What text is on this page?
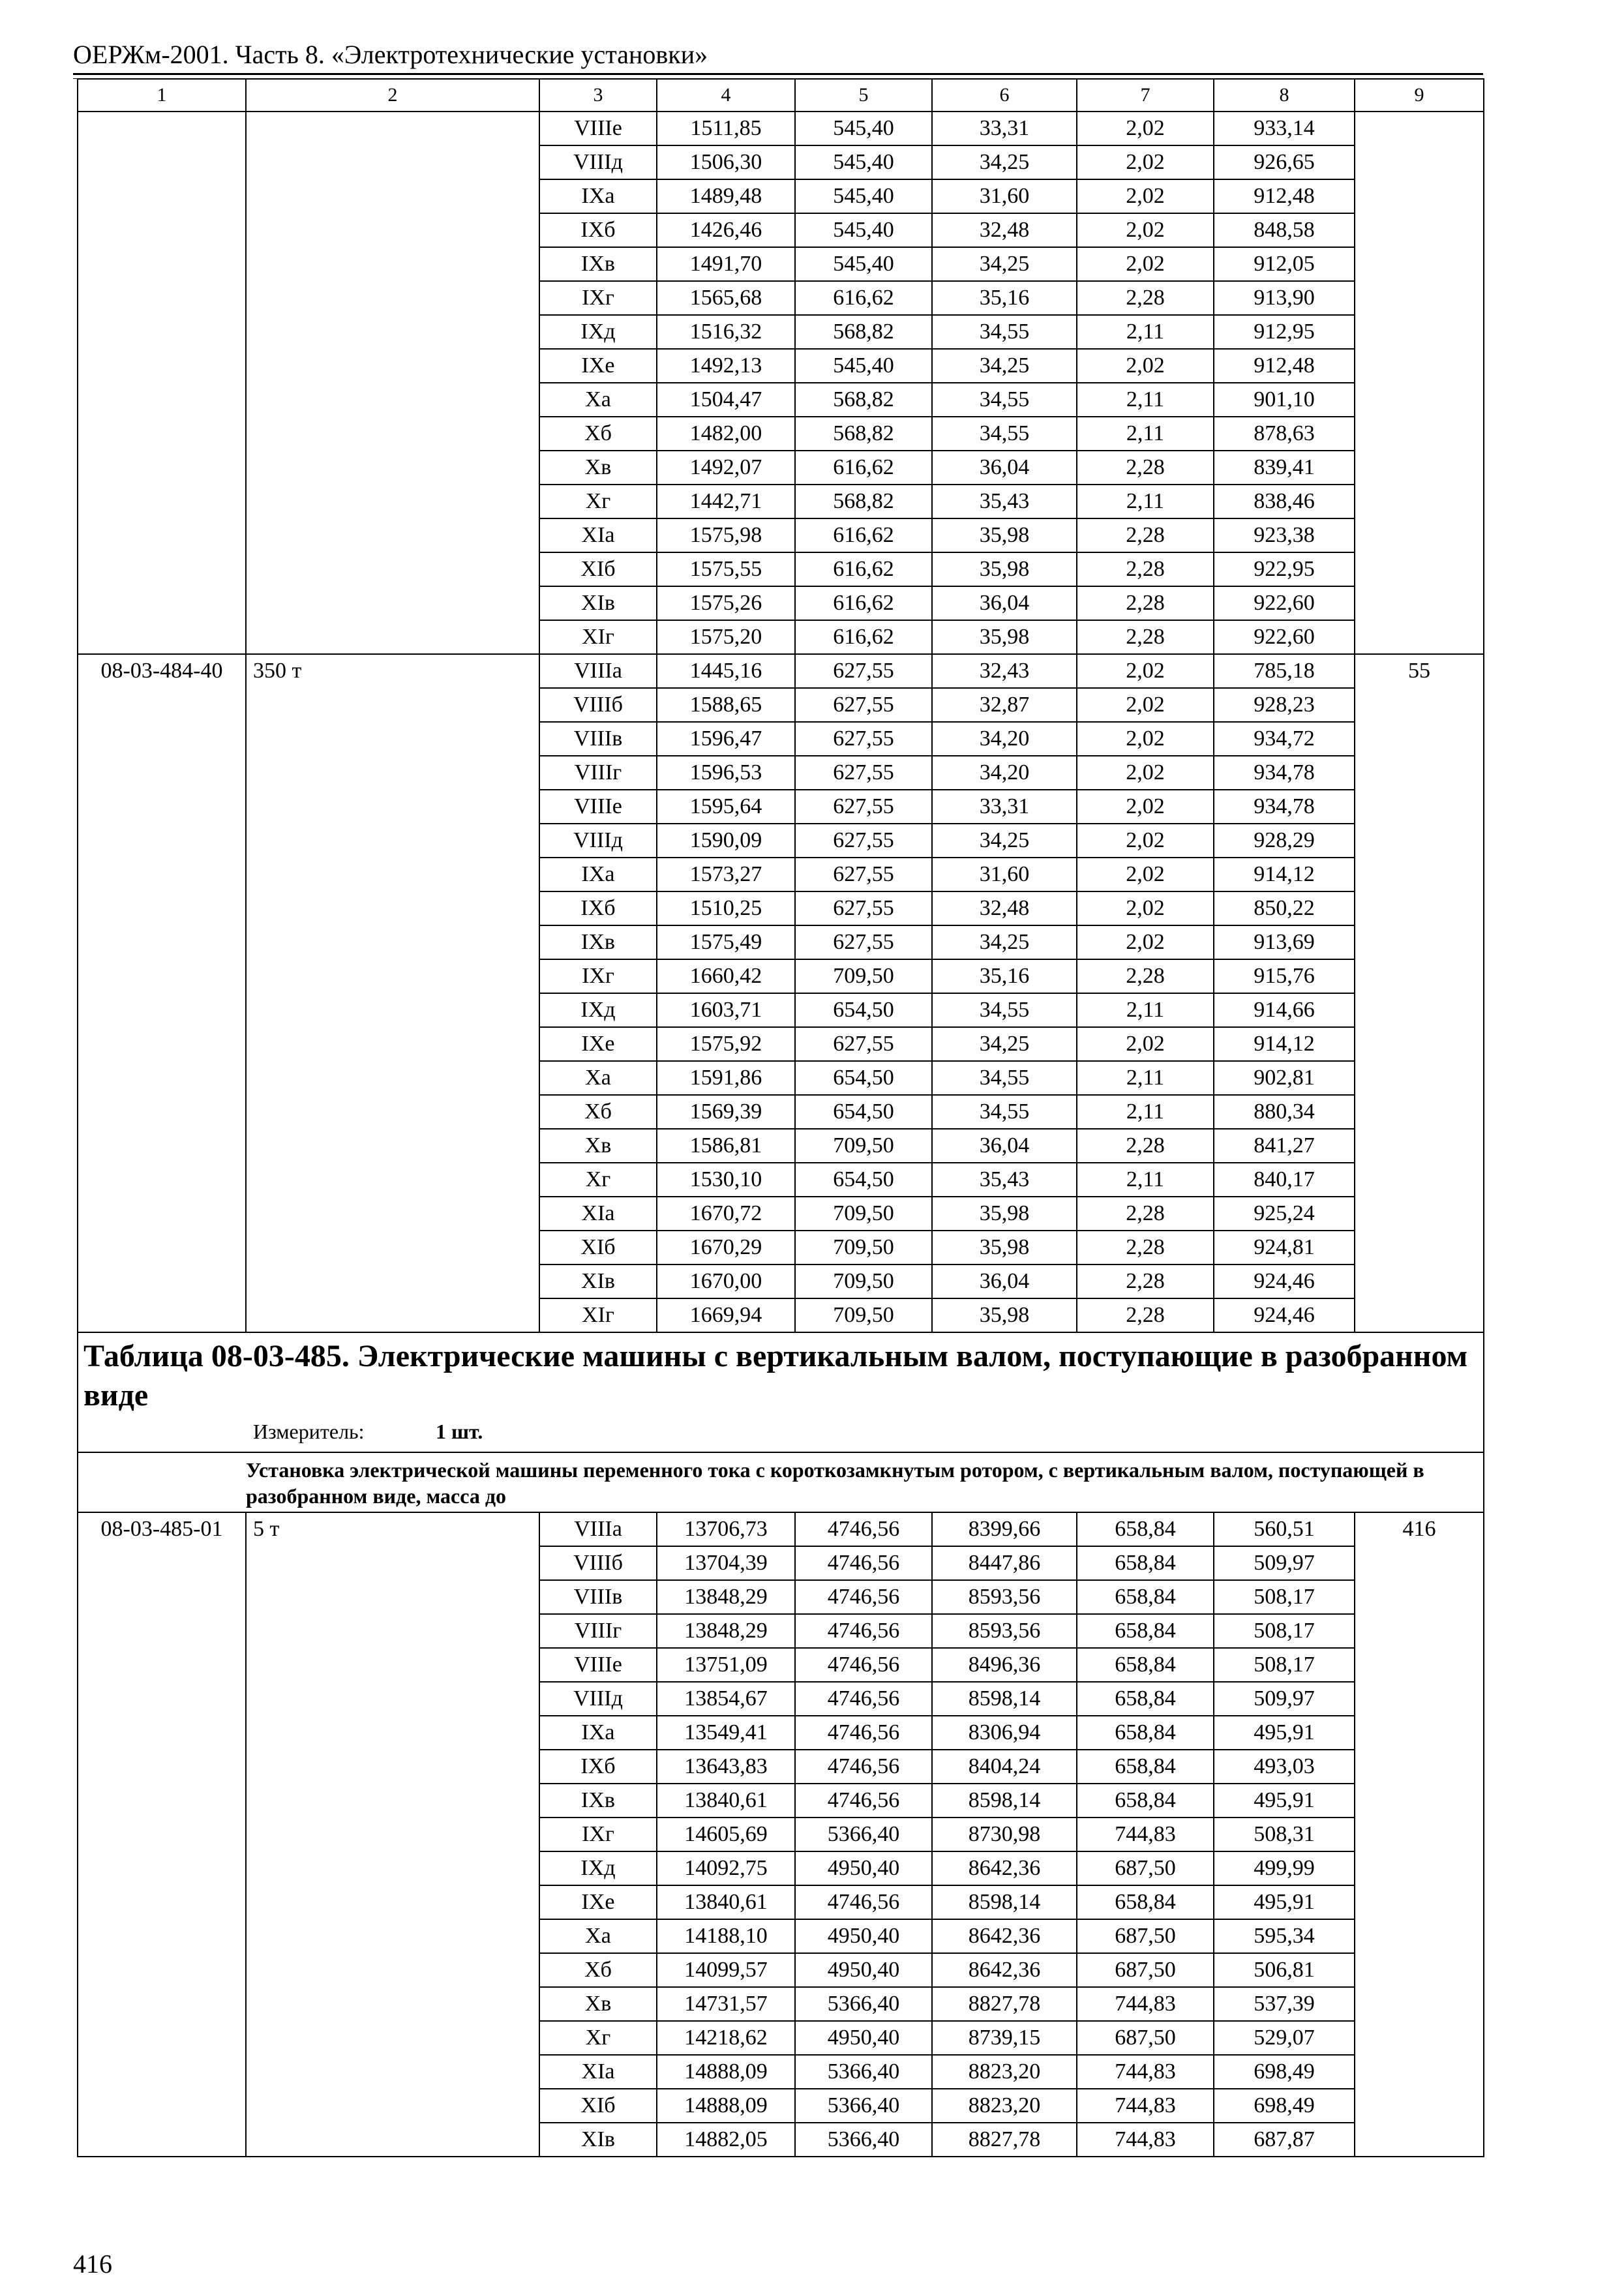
ОЕРЖм-2001. Часть 8. «Электротехнические установки»
1	2	3	4	5	6	7	8	9
		VIIIе	1511,85	545,40	33,31	2,02	933,14	
		VIIIд	1506,30	545,40	34,25	2,02	926,65	
		IXа	1489,48	545,40	31,60	2,02	912,48	
		IXб	1426,46	545,40	32,48	2,02	848,58	
		IXв	1491,70	545,40	34,25	2,02	912,05	
		IXг	1565,68	616,62	35,16	2,28	913,90	
		IXд	1516,32	568,82	34,55	2,11	912,95	
		IXе	1492,13	545,40	34,25	2,02	912,48	
		Xа	1504,47	568,82	34,55	2,11	901,10	
		Xб	1482,00	568,82	34,55	2,11	878,63	
		Xв	1492,07	616,62	36,04	2,28	839,41	
		Xг	1442,71	568,82	35,43	2,11	838,46	
		XIа	1575,98	616,62	35,98	2,28	923,38	
		XIб	1575,55	616,62	35,98	2,28	922,95	
		XIв	1575,26	616,62	36,04	2,28	922,60	
		XIг	1575,20	616,62	35,98	2,28	922,60	
08-03-484-40	350 т	VIIIа	1445,16	627,55	32,43	2,02	785,18	55
		VIIIб	1588,65	627,55	32,87	2,02	928,23	
		VIIIв	1596,47	627,55	34,20	2,02	934,72	
		VIIIг	1596,53	627,55	34,20	2,02	934,78	
		VIIIе	1595,64	627,55	33,31	2,02	934,78	
		VIIIд	1590,09	627,55	34,25	2,02	928,29	
		IXа	1573,27	627,55	31,60	2,02	914,12	
		IXб	1510,25	627,55	32,48	2,02	850,22	
		IXв	1575,49	627,55	34,25	2,02	913,69	
		IXг	1660,42	709,50	35,16	2,28	915,76	
		IXд	1603,71	654,50	34,55	2,11	914,66	
		IXе	1575,92	627,55	34,25	2,02	914,12	
		Xа	1591,86	654,50	34,55	2,11	902,81	
		Xб	1569,39	654,50	34,55	2,11	880,34	
		Xв	1586,81	709,50	36,04	2,28	841,27	
		Xг	1530,10	654,50	35,43	2,11	840,17	
		XIа	1670,72	709,50	35,98	2,28	925,24	
		XIб	1670,29	709,50	35,98	2,28	924,81	
		XIв	1670,00	709,50	36,04	2,28	924,46	
		XIг	1669,94	709,50	35,98	2,28	924,46	

Таблица 08-03-485. Электрические машины с вертикальным валом, поступающие в разобранном виде
Измеритель: 1 шт.								

	Установка электрической машины переменного тока с короткозамкнутым ротором, с вертикальным валом, поступающей в разобранном виде, масса до							
08-03-485-01	5 т	VIIIа	13706,73	4746,56	8399,66	658,84	560,51	416
		VIIIб	13704,39	4746,56	8447,86	658,84	509,97	
		VIIIв	13848,29	4746,56	8593,56	658,84	508,17	
		VIIIг	13848,29	4746,56	8593,56	658,84	508,17	
		VIIIе	13751,09	4746,56	8496,36	658,84	508,17	
		VIIIд	13854,67	4746,56	8598,14	658,84	509,97	
		IXа	13549,41	4746,56	8306,94	658,84	495,91	
		IXб	13643,83	4746,56	8404,24	658,84	493,03	
		IXв	13840,61	4746,56	8598,14	658,84	495,91	
		IXг	14605,69	5366,40	8730,98	744,83	508,31	
		IXд	14092,75	4950,40	8642,36	687,50	499,99	
		IXе	13840,61	4746,56	8598,14	658,84	495,91	
		Xа	14188,10	4950,40	8642,36	687,50	595,34	
		Xб	14099,57	4950,40	8642,36	687,50	506,81	
		Xв	14731,57	5366,40	8827,78	744,83	537,39	
		Xг	14218,62	4950,40	8739,15	687,50	529,07	
		XIа	14888,09	5366,40	8823,20	744,83	698,49	
		XIб	14888,09	5366,40	8823,20	744,83	698,49	
		XIв	14882,05	5366,40	8827,78	744,83	687,87	
416
